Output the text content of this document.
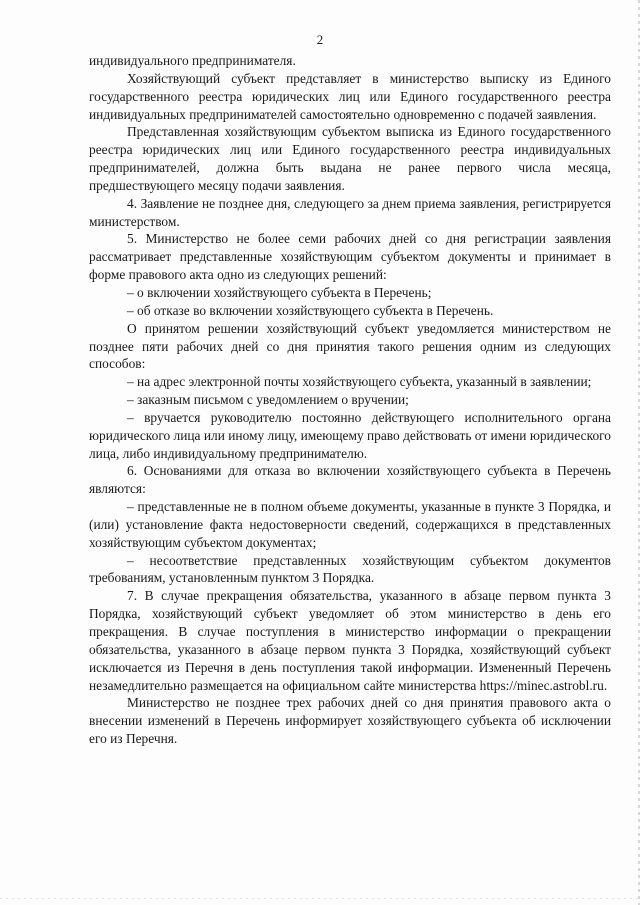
2

индивидуального предпринимателя.

Хозяйствующий субъект представляет в министерство выписку из Единого государственного реестра юридических лиц или Единого государственного реестра индивидуальных предпринимателей самостоятельно одновременно с подачей заявления.

Представленная хозяйствующим субъектом выписка из Единого государственного реестра юридических лиц или Единого государственного реестра индивидуальных предпринимателей, должна быть выдана не ранее первого числа месяца, предшествующего месяцу подачи заявления.

4. Заявление не позднее дня, следующего за днем приема заявления, регистрируется министерством.

5. Министерство не более семи рабочих дней со дня регистрации заявления рассматривает представленные хозяйствующим субъектом документы и принимает в форме правового акта одно из следующих решений:

– о включении хозяйствующего субъекта в Перечень;

– об отказе во включении хозяйствующего субъекта в Перечень.

О принятом решении хозяйствующий субъект уведомляется министерством не позднее пяти рабочих дней со дня принятия такого решения одним из следующих способов:

– на адрес электронной почты хозяйствующего субъекта, указанный в заявлении;

– заказным письмом с уведомлением о вручении;

– вручается руководителю постоянно действующего исполнительного органа юридического лица или иному лицу, имеющему право действовать от имени юридического лица, либо индивидуальному предпринимателю.

6. Основаниями для отказа во включении хозяйствующего субъекта в Перечень являются:

– представленные не в полном объеме документы, указанные в пункте 3 Порядка, и (или) установление факта недостоверности сведений, содержащихся в представленных хозяйствующим субъектом документах;

– несоответствие представленных хозяйствующим субъектом документов требованиям, установленным пунктом 3 Порядка.

7. В случае прекращения обязательства, указанного в абзаце первом пункта 3 Порядка, хозяйствующий субъект уведомляет об этом министерство в день его прекращения. В случае поступления в министерство информации о прекращении обязательства, указанного в абзаце первом пункта 3 Порядка, хозяйствующий субъект исключается из Перечня в день поступления такой информации. Измененный Перечень незамедлительно размещается на официальном сайте министерства https://minec.astrobl.ru.

Министерство не позднее трех рабочих дней со дня принятия правового акта о внесении изменений в Перечень информирует хозяйствующего субъекта об исключении его из Перечня.
